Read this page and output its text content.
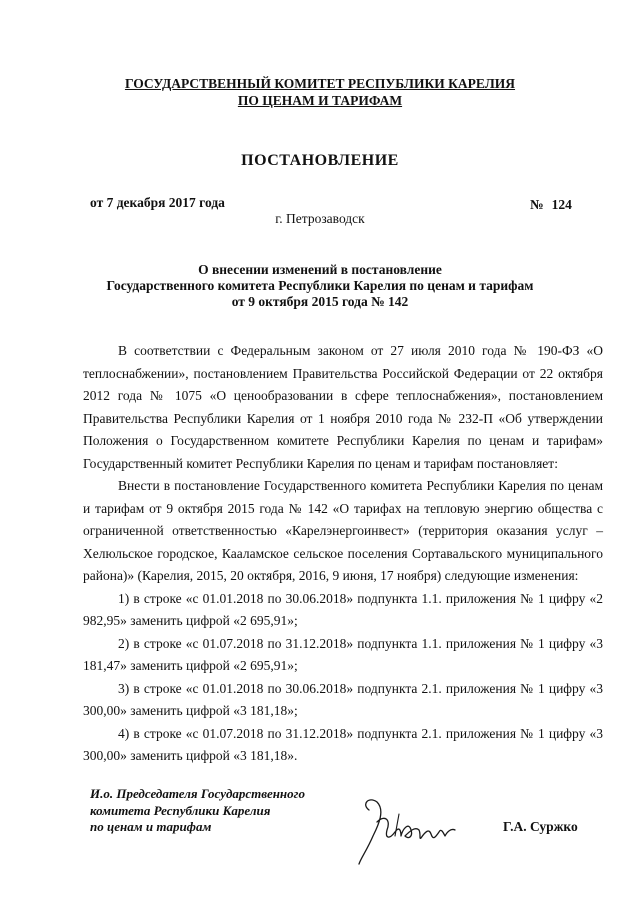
ГОСУДАРСТВЕННЫЙ КОМИТЕТ РЕСПУБЛИКИ КАРЕЛИЯ
ПО ЦЕНАМ И ТАРИФАМ
ПОСТАНОВЛЕНИЕ
от 7 декабря 2017 года	№ 124
г. Петрозаводск
О внесении изменений в постановление
Государственного комитета Республики Карелия по ценам и тарифам
от 9 октября 2015 года № 142

В соответствии с Федеральным законом от 27 июля 2010 года № 190-ФЗ «О теплоснабжении», постановлением Правительства Российской Федерации от 22 октября 2012 года № 1075 «О ценообразовании в сфере теплоснабжения», постановлением Правительства Республики Карелия от 1 ноября 2010 года № 232-П «Об утверждении Положения о Государственном комитете Республики Карелия по ценам и тарифам» Государственный комитет Республики Карелия по ценам и тарифам постановляет:

Внести в постановление Государственного комитета Республики Карелия по ценам и тарифам от 9 октября 2015 года № 142 «О тарифах на тепловую энергию общества с ограниченной ответственностью «Карелэнергоинвест» (территория оказания услуг – Хелюльское городское, Кааламское сельское поселения Сортавальского муниципального района)» (Карелия, 2015, 20 октября, 2016, 9 июня, 17 ноября) следующие изменения:

1) в строке «с 01.01.2018 по 30.06.2018» подпункта 1.1. приложения № 1 цифру «2 982,95» заменить цифрой «2 695,91»;

2) в строке «с 01.07.2018 по 31.12.2018» подпункта 1.1. приложения № 1 цифру «3 181,47» заменить цифрой «2 695,91»;

3) в строке «с 01.01.2018 по 30.06.2018» подпункта 2.1. приложения № 1 цифру «3 300,00» заменить цифрой «3 181,18»;

4) в строке «с 01.07.2018 по 31.12.2018» подпункта 2.1. приложения № 1 цифру «3 300,00» заменить цифрой «3 181,18».

И.о. Председателя Государственного
комитета Республики Карелия
по ценам и тарифам	Г.А. Суржко
